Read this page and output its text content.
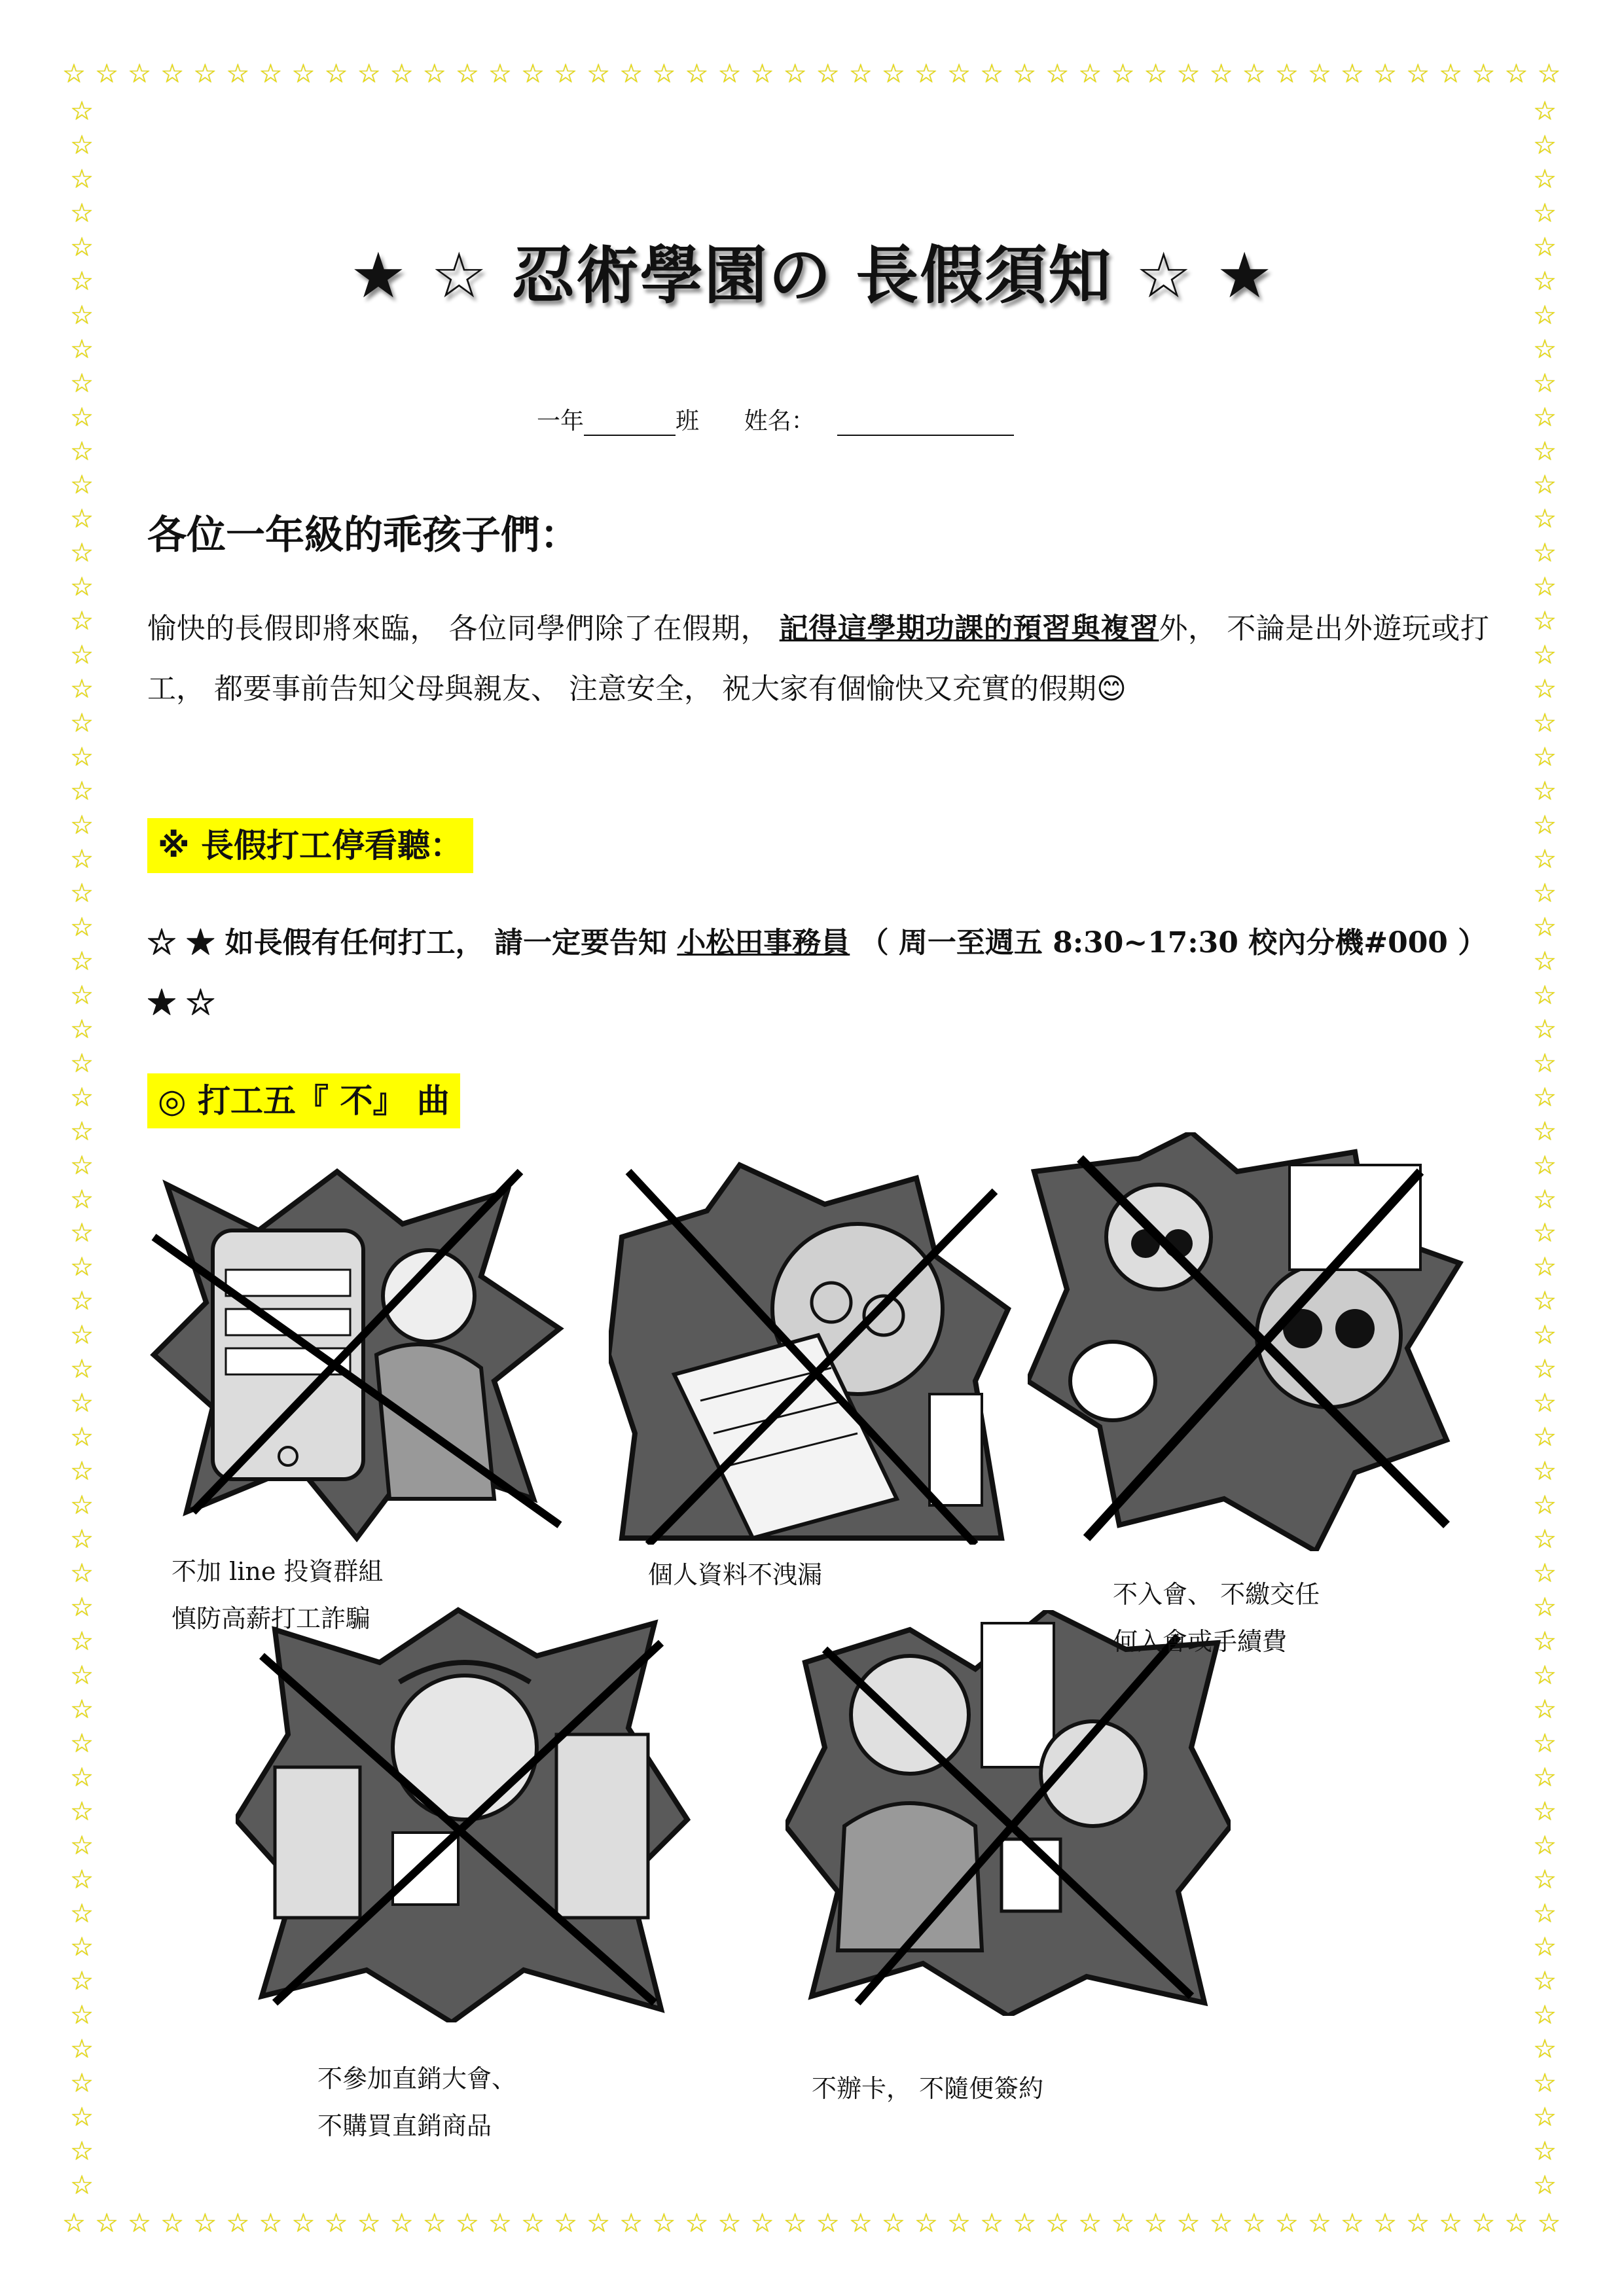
☆ ☆ ☆ ☆ ☆ ☆ ☆ ☆ ☆ ☆ ☆ ☆ ☆ ☆ ☆ ☆ ☆ ☆ ☆ ☆ ☆ ☆ ☆ ☆ ☆ ☆ ☆ ☆ ☆ ☆ ☆ ☆ ☆ ☆ ☆ ☆ ☆ ☆ ☆ ☆ ☆ ☆ ☆ ☆ ☆ ☆
☆ ☆ ☆ ☆ ☆ ☆ ☆ ☆ ☆ ☆ ☆ ☆ ☆ ☆ ☆ ☆ ☆ ☆ ☆ ☆ ☆ ☆ ☆ ☆ ☆ ☆ ☆ ☆ ☆ ☆ ☆ ☆ ☆ ☆ ☆ ☆ ☆ ☆ ☆ ☆ ☆ ☆ ☆ ☆ ☆ ☆
☆
☆
☆
☆
☆
☆
☆
☆
☆
☆
☆
☆
☆
☆
☆
☆
☆
☆
☆
☆
☆
☆
☆
☆
☆
☆
☆
☆
☆
☆
☆
☆
☆
☆
☆
☆
☆
☆
☆
☆
☆
☆
☆
☆
☆
☆
☆
☆
☆
☆
☆
☆
☆
☆
☆
☆
☆
☆
☆
☆
☆
☆
☆
☆
☆
☆
☆
☆
☆
☆
☆
☆
☆
☆
☆
☆
☆
☆
☆
☆
☆
☆
☆
☆
☆
☆
☆
☆
☆
☆
☆
☆
☆
☆
☆
☆
☆
☆
☆
☆
☆
☆
☆
☆
☆
☆
☆
☆
☆
☆
☆
☆
☆
☆
☆
☆
☆
☆
☆
☆
☆
☆
☆
☆
★ ☆ 忍術學園の 長假須知 ☆ ★
一年	班 姓名：
各位一年級的乖孩子們：
愉快的長假即將來臨， 各位同學們除了在假期， 記得這學期功課的預習與複習外， 不論是出外遊玩或打工， 都要事前告知父母與親友、 注意安全， 祝大家有個愉快又充實的假期😊
※ 長假打工停看聽：
☆ ★ 如長假有任何打工， 請一定要告知 小松田事務員 （ 周一至週五 8:30~17:30 校內分機#000 ） ★ ☆
◎ 打工五『 不』 曲
不加 line 投資群組
慎防高薪打工詐騙
個人資料不洩漏
不入會、 不繳交任
何入會或手續費
不參加直銷大會、
不購買直銷商品
不辦卡， 不隨便簽約
